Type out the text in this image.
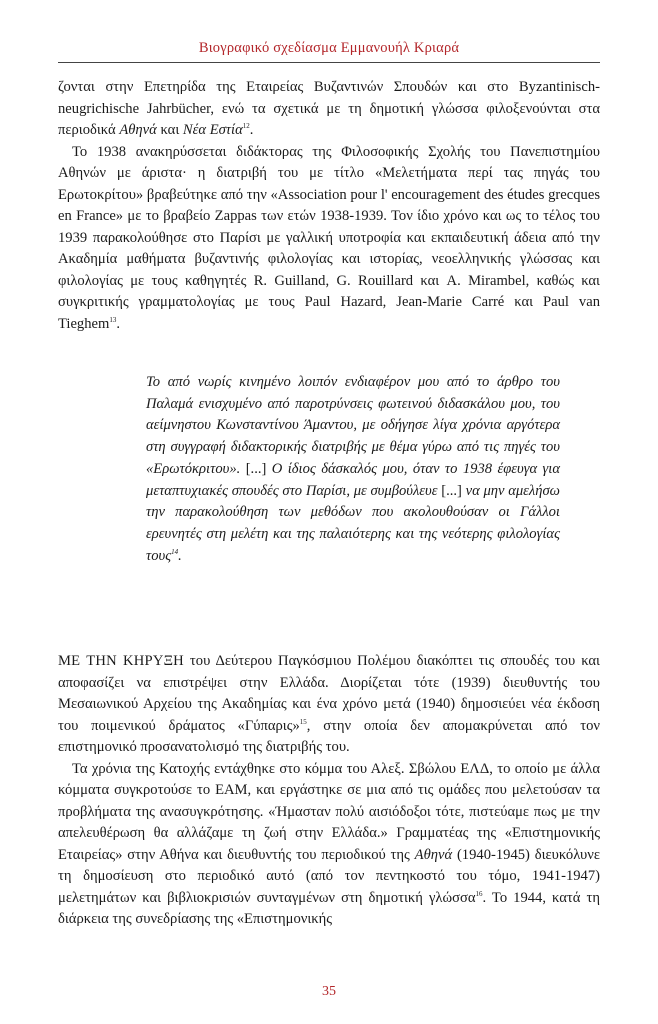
Βιογραφικό σχεδίασμα Εμμανουήλ Κριαρά

ζονται στην Επετηρίδα της Εταιρείας Βυζαντινών Σπουδών και στο Byzantinisch-neugrichische Jahrbücher, ενώ τα σχετικά με τη δημοτική γλώσσα φιλοξενούνται στα περιοδικά Αθηνά και Νέα Εστία$^{12}$.

Το 1938 ανακηρύσσεται διδάκτορας της Φιλοσοφικής Σχολής του Πανεπιστημίου Αθηνών με άριστα· η διατριβή του με τίτλο «Μελετήματα περί τας πηγάς του Ερωτοκρίτου» βραβεύτηκε από την «Association pour l' encouragement des études grecques en France» με το βραβείο Zappas των ετών 1938-1939. Τον ίδιο χρόνο και ως το τέλος του 1939 παρακολούθησε στο Παρίσι με γαλλική υποτροφία και εκπαιδευτική άδεια από την Ακαδημία μαθήματα βυζαντινής φιλολογίας και ιστορίας, νεοελληνικής γλώσσας και φιλολογίας με τους καθηγητές R. Guilland, G. Rouillard και A. Mirambel, καθώς και συγκριτικής γραμματολογίας με τους Paul Hazard, Jean-Marie Carré και Paul van Tieghem$^{13}$.

Το από νωρίς κινημένο λοιπόν ενδιαφέρον μου από το άρθρο του Παλαμά ενισχυμένο από παροτρύνσεις φωτεινού διδασκάλου μου, του αείμνηστου Κωνσταντίνου Άμαντου, με οδήγησε λίγα χρόνια αργότερα στη συγγραφή διδακτορικής διατριβής με θέμα γύρω από τις πηγές του «Ερωτόκριτου». [...] Ο ίδιος δάσκαλός μου, όταν το 1938 έφευγα για μεταπτυχιακές σπουδές στο Παρίσι, με συμβούλευε [...] να μην αμελήσω την παρακολούθηση των μεθόδων που ακολουθούσαν οι Γάλλοι ερευνητές στη μελέτη και της παλαιότερης και της νεότερης φιλολογίας τους$^{14}$.

ΜΕ ΤΗΝ ΚΗΡΥΞΗ του Δεύτερου Παγκόσμιου Πολέμου διακόπτει τις σπουδές του και αποφασίζει να επιστρέψει στην Ελλάδα. Διορίζεται τότε (1939) διευθυντής του Μεσαιωνικού Αρχείου της Ακαδημίας και ένα χρόνο μετά (1940) δημοσιεύει νέα έκδοση του ποιμενικού δράματος «Γύπαρις»$^{15}$, στην οποία δεν απομακρύνεται από τον επιστημονικό προσανατολισμό της διατριβής του.

Τα χρόνια της Κατοχής εντάχθηκε στο κόμμα του Αλεξ. Σβώλου ΕΛΔ, το οποίο με άλλα κόμματα συγκροτούσε το ΕΑΜ, και εργάστηκε σε μια από τις ομάδες που μελετούσαν τα προβλήματα της ανασυγκρότησης. «Ήμασταν πολύ αισιόδοξοι τότε, πιστεύαμε πως με την απελευθέρωση θα αλλάζαμε τη ζωή στην Ελλάδα.» Γραμματέας της «Επιστημονικής Εταιρείας» στην Αθήνα και διευθυντής του περιοδικού της Αθηνά (1940-1945) διευκόλυνε τη δημοσίευση στο περιοδικό αυτό (από τον πεντηκοστό του τόμο, 1941-1947) μελετημάτων και βιβλιοκρισιών συνταγμένων στη δημοτική γλώσσα$^{16}$. Το 1944, κατά τη διάρκεια της συνεδρίασης της «Επιστημονικής

35
